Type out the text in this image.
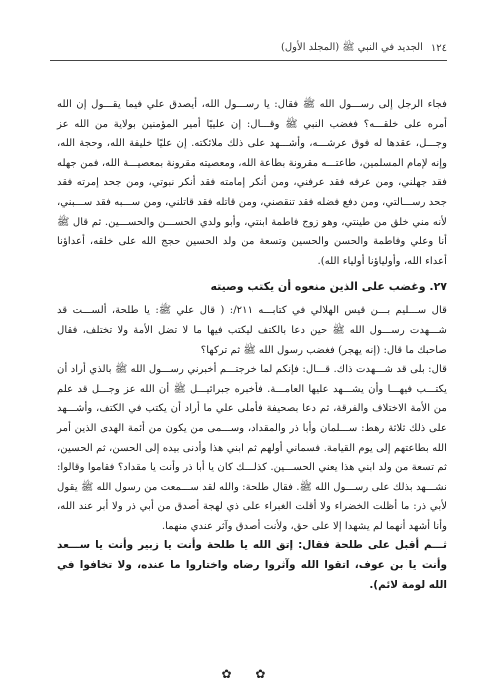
١٢٤
الجديد في النبي ﷺ (المجلد الأول)

فجاء الرجل إلى رســـول الله ﷺ فقال: يا رســـول الله، أيصدق علي فيما يقـــول إن الله أمره على خلقـــه؟ فغضب النبي ﷺ وقـــال: إن علييًا أمير المؤمنين بولاية من الله عز وجـــل، عقدها له فوق عرشـــه، وأشـــهد على ذلك ملائكته. إن عليًا خليفة الله، وحجة الله، وإنه لإمام المسلمين، طاعتـــه مقرونة بطاعة الله، ومعصيته مقرونة بمعصيـــة الله، فمن جهله فقد جهلني، ومن عرفه فقد عرفني، ومن أنكر إمامته فقد أنكر نبوتي، ومن جحد إمرته فقد جحد رســـالتي، ومن دفع فضله فقد تنقصني، ومن قاتله فقد قاتلني، ومن ســـبه فقد ســـبني، لأنه مني خلق من طينتي، وهو زوج فاطمة ابنتي، وأبو ولدي الحســـن والحســـين. ثم قال ﷺ أنا وعلي وفاطمة والحسن والحسين وتسعة من ولد الحسين حجج الله على خلقه، أعداؤنا أعداء الله، وأولياؤنا أولياء الله).

٢٧. وغضب على الذين منعوه أن يكتب وصيته

قال ســـليم بـــن قيس الهلالي في كتابـــه ٢١١/: ( قال علي ﷺ: يا طلحة، ألســـت قد شـــهدت رســـول الله ﷺ حين دعا بالكتف ليكتب فيها ما لا تضل الأمة ولا تختلف، فقال صاحبك ما قال: (إنه يهجر) فغضب رسول الله ﷺ ثم تركها؟

قال: بلى قد شـــهدت ذاك. قـــال: فإنكم لما خرجتـــم أخبرني رســـول الله ﷺ بالذي أراد أن يكتـــب فيهـــا وأن يشـــهد عليها العامـــة. فأخبره جبرائيـــل ﷺ أن الله عز وجـــل قد علم من الأمة الاختلاف والفرقة، ثم دعا بصحيفة فأملى علي ما أراد أن يكتب في الكتف، وأشـــهد على ذلك ثلاثة رهط: ســـلمان وأبا ذر والمقداد، وســـمى من يكون من أئمة الهدى الذين أمر الله بطاعتهم إلى يوم القيامة. فسماني أولهم ثم ابني هذا وأدنى بيده إلى الحسن، ثم الحسين، ثم تسعة من ولد ابني هذا يعني الحســـين. كذلـــك كان يا أبا ذر وأنت يا مقداد؟ فقاموا وقالوا: نشـــهد بذلك على رســـول الله ﷺ. فقال طلحة: والله لقد ســـمعت من رسول الله ﷺ يقول لأبي ذر: ما أظلت الخضراء ولا أقلت الغبراء على ذي لهجة أصدق من أبي ذر ولا أبر عند الله، وأنا أشهد أنهما لم يشهدا إلا على حق، ولأنت أصدق وآثر عندي منهما.

ثـــم أقبل على طلحة فقال: إتق الله يا طلحة وأنت يا زبير وأنت يا ســـعد وأنت يا بن عوف، اتقوا الله وآثروا رضاه واختاروا ما عنده، ولا تخافوا في الله لومة لائم).

✿ ✿
